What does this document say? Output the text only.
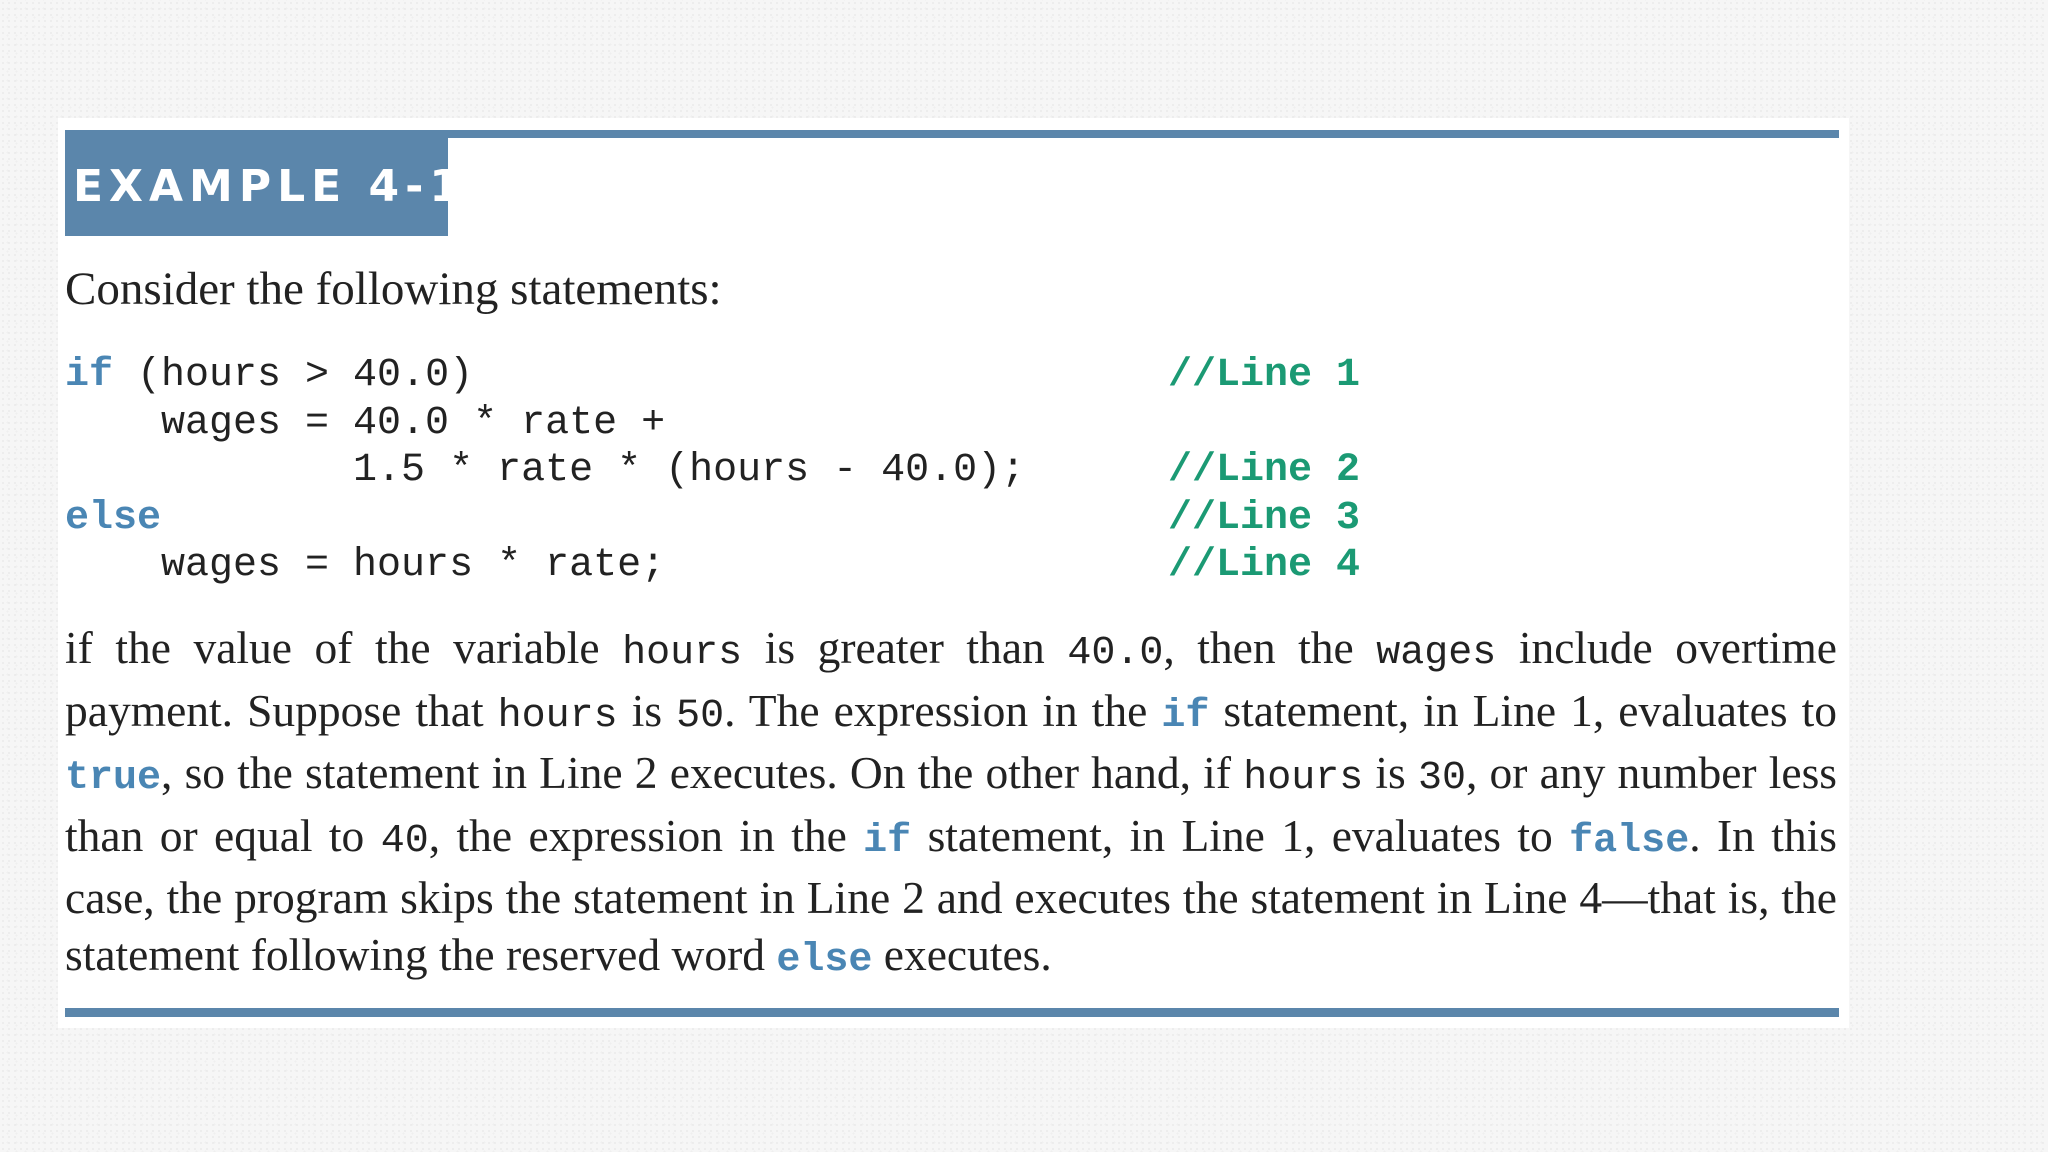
EXAMPLE 4-13
Consider the following statements:

if (hours > 40.0)

	//Line 1

wages = 40.0 * rate +

1.5 * rate * (hours - 40.0);

	//Line 2

else

	//Line 3

wages = hours * rate;

	//Line 4

if the value of the variable hours is greater than 40.0, then the wages include overtime payment. Suppose that hours is 50. The expression in the if statement, in Line 1, evaluates to true, so the statement in Line 2 executes. On the other hand, if hours is 30, or any number less than or equal to 40, the expression in the if statement, in Line 1, evaluates to false. In this case, the program skips the statement in Line 2 and executes the statement in Line 4—that is, the statement following the reserved word else executes.
